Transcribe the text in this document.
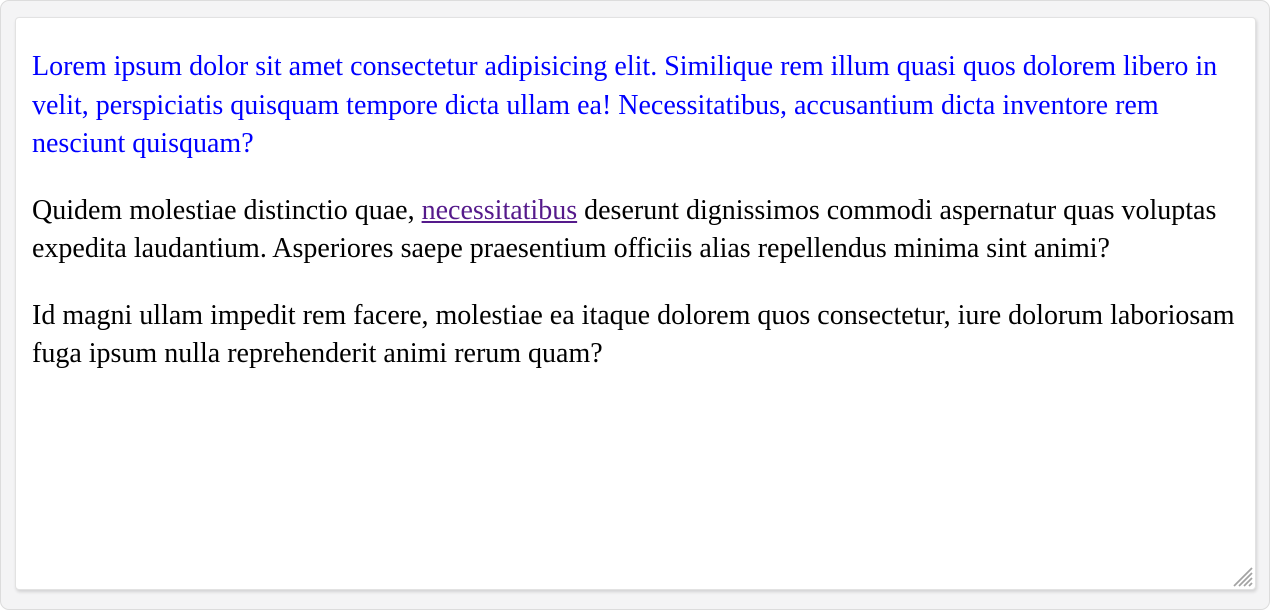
Lorem ipsum dolor sit amet consectetur adipisicing elit. Similique rem illum quasi quos dolorem libero in velit, perspiciatis quisquam tempore dicta ullam ea! Necessitatibus, accusantium dicta inventore rem nesciunt quisquam?

Quidem molestiae distinctio quae, necessitatibus deserunt dignissimos commodi aspernatur quas voluptas expedita laudantium. Asperiores saepe praesentium officiis alias repellendus minima sint animi?

Id magni ullam impedit rem facere, molestiae ea itaque dolorem quos consectetur, iure dolorum laboriosam fuga ipsum nulla reprehenderit animi rerum quam?
